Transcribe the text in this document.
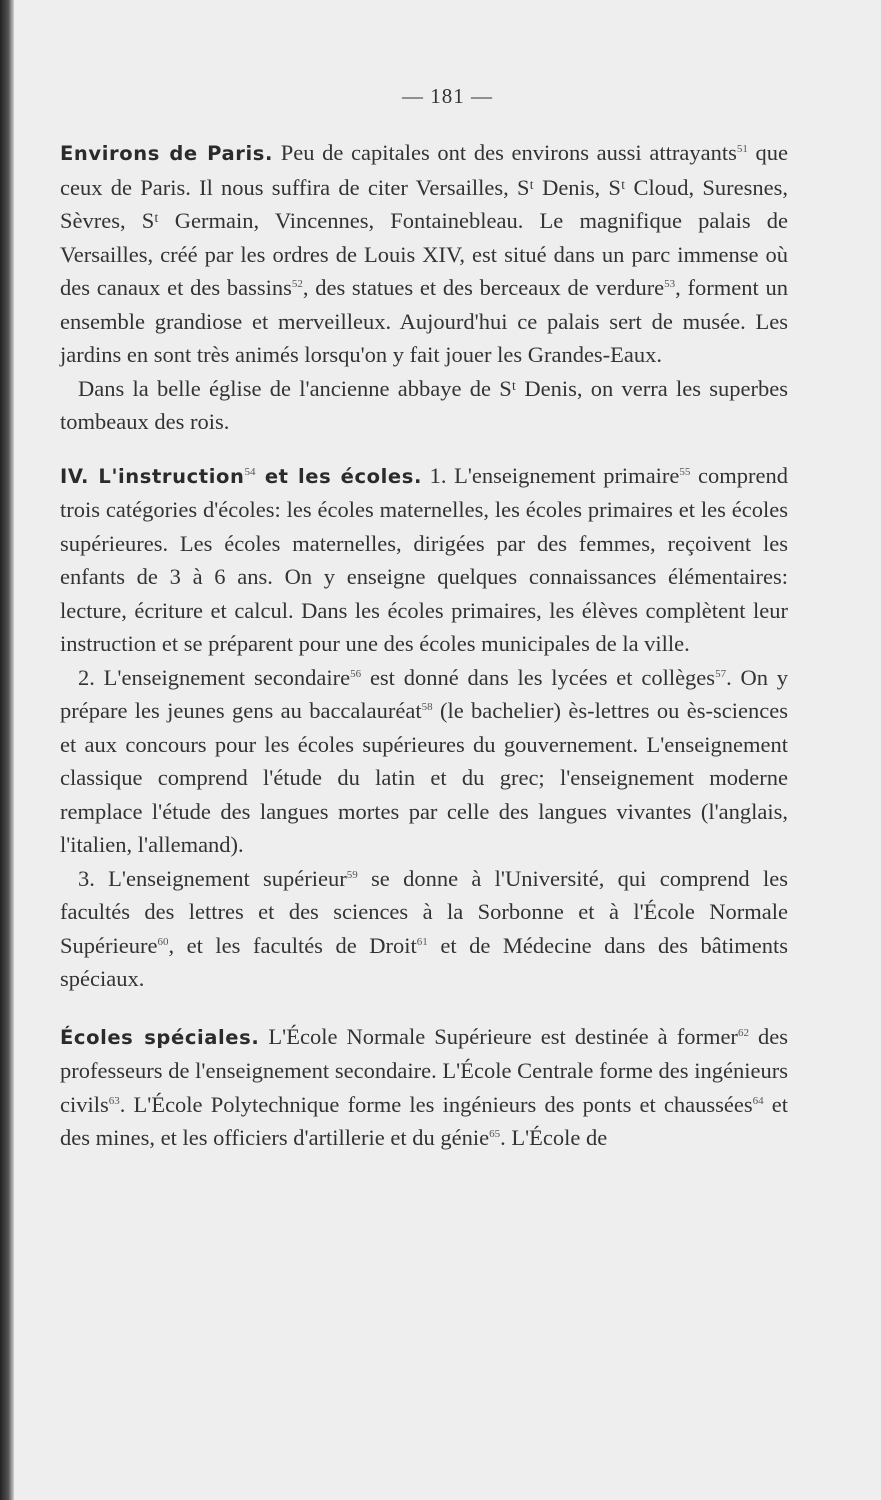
— 181 —

Environs de Paris. Peu de capitales ont des environs aussi attrayants$^{51}$ que ceux de Paris. Il nous suffira de citer Versailles, Sᵗ Denis, Sᵗ Cloud, Suresnes, Sèvres, Sᵗ Germain, Vincennes, Fontainebleau. Le magnifique palais de Versailles, créé par les ordres de Louis XIV, est situé dans un parc immense où des canaux et des bassins$^{52}$, des statues et des berceaux de verdure$^{53}$, forment un ensemble grandiose et merveilleux. Aujourd'hui ce palais sert de musée. Les jardins en sont très animés lorsqu'on y fait jouer les Grandes-Eaux.

Dans la belle église de l'ancienne abbaye de Sᵗ Denis, on verra les superbes tombeaux des rois.

IV. L'instruction$^{54}$ et les écoles. 1. L'enseignement primaire$^{55}$ comprend trois catégories d'écoles: les écoles maternelles, les écoles primaires et les écoles supérieures. Les écoles maternelles, dirigées par des femmes, reçoivent les enfants de 3 à 6 ans. On y enseigne quelques connaissances élémentaires: lecture, écriture et calcul. Dans les écoles primaires, les élèves complètent leur instruction et se préparent pour une des écoles municipales de la ville.

2. L'enseignement secondaire$^{56}$ est donné dans les lycées et collèges$^{57}$. On y prépare les jeunes gens au baccalauréat$^{58}$ (le bachelier) ès-lettres ou ès-sciences et aux concours pour les écoles supérieures du gouvernement. L'enseignement classique comprend l'étude du latin et du grec; l'enseignement moderne remplace l'étude des langues mortes par celle des langues vivantes (l'anglais, l'italien, l'allemand).

3. L'enseignement supérieur$^{59}$ se donne à l'Université, qui comprend les facultés des lettres et des sciences à la Sorbonne et à l'École Normale Supérieure$^{60}$, et les facultés de Droit$^{61}$ et de Médecine dans des bâtiments spéciaux.

Écoles spéciales. L'École Normale Supérieure est destinée à former$^{62}$ des professeurs de l'enseignement secondaire. L'École Centrale forme des ingénieurs civils$^{63}$. L'École Polytechnique forme les ingénieurs des ponts et chaussées$^{64}$ et des mines, et les officiers d'artillerie et du génie$^{65}$. L'École de
